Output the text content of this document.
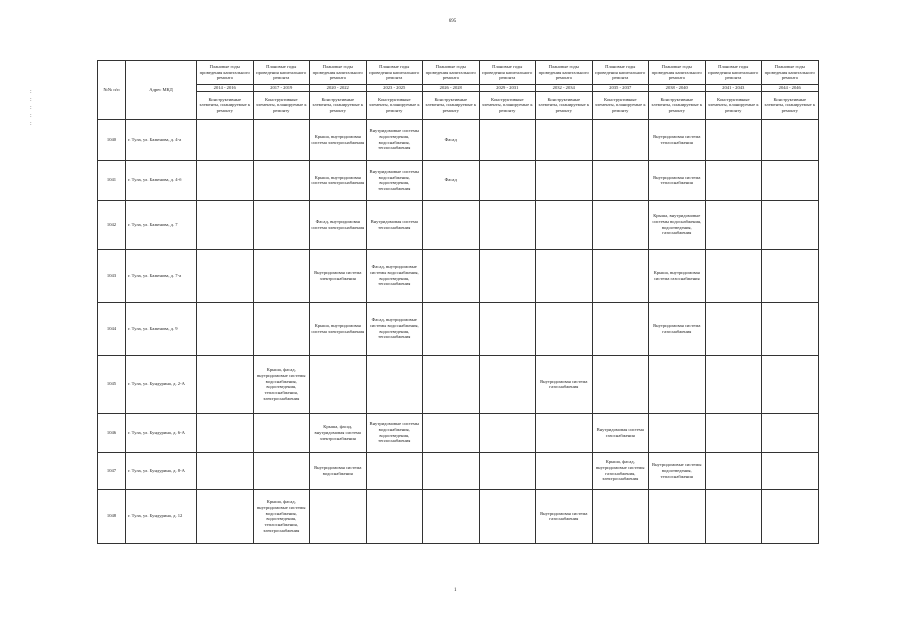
695
:
:
:
:
:
№№ п/п	Адрес МКД	Плановые годы проведения капитального ремонта	Плановые годы проведения капитального ремонта	Плановые годы проведения капитального ремонта	Плановые годы проведения капитального ремонта	Плановые годы проведения капитального ремонта	Плановые годы проведения капитального ремонта	Плановые годы проведения капитального ремонта	Плановые годы проведения капитального ремонта	Плановые годы проведения капитального ремонта	Плановые годы проведения капитального ремонта	Плановые годы проведения капитального ремонта
		2014 - 2016	2017 - 2019	2020 - 2022	2023 - 2025	2026 - 2028	2029 - 2031	2032 - 2034	2035 - 2037	2038 - 2040	2041 - 2043	2044 - 2046
		Конструктивные элементы, планируемые к ремонту	Конструктивные элементы, планируемые к ремонту	Конструктивные элементы, планируемые к ремонту	Конструктивные элементы, планируемые к ремонту	Конструктивные элементы, планируемые к ремонту	Конструктивные элементы, планируемые к ремонту	Конструктивные элементы, планируемые к ремонту	Конструктивные элементы, планируемые к ремонту	Конструктивные элементы, планируемые к ремонту	Конструктивные элементы, планируемые к ремонту	Конструктивные элементы, планируемые к ремонту
1040	г. Тула, ул. Баженова, д. 4-а			Крыша, внутридомовая система электроснабжения	Внутридомовые системы водоотведения, водоснабжения, теплоснабжения	Фасад				Внутридомовая система теплоснабжения		
1041	г. Тула, ул. Баженова, д. 4-б			Крыша, внутридомовая система электроснабжения	Внутридомовые системы водоснабжения, водоотведения, теплоснабжения	Фасад				Внутридомовая система теплоснабжения		
1042	г. Тула, ул. Баженова, д. 7			Фасад, внутридомовая система электроснабжения	Внутридомовая система теплоснабжения					Крыша, внутридомовые системы водоснабжения, водоотведения, газоснабжения		
1043	г. Тула, ул. Баженова, д. 7-а			Внутридомовая система электроснабжения	Фасад, внутридомовые системы водоснабжения, водоотведения, теплоснабжения					Крыша, внутридомовая система газоснабжения		
1044	г. Тула, ул. Баженова, д. 9			Крыша, внутридомовая система электроснабжения	Фасад, внутридомовые системы водоснабжения, водоотведения, теплоснабжения					Внутридомовая система газоснабжения		
1045	г. Тула, ул. Бундурина, д. 2-А		Крыша, фасад, внутридомовые системы водоснабжения, водоотведения, теплоснабжения, электроснабжения					Внутридомовая система газоснабжения				
1046	г. Тула, ул. Бундурина, д. 6-А			Крыша, фасад, внутридомовая система электроснабжения	Внутридомовые системы водоснабжения, водоотведения, теплоснабжения				Внутридомовая система газоснабжения			
1047	г. Тула, ул. Бундурина, д. 8-А			Внутридомовая система водоснабжения					Крыша, фасад, внутридомовые системы газоснабжения, электроснабжения	Внутридомовые системы водоотведения, теплоснабжения		
1048	г. Тула, ул. Бундурина, д. 12		Крыша, фасад, внутридомовые системы водоснабжения, водоотведения, теплоснабжения, электроснабжения					Внутридомовая система газоснабжения				
1
